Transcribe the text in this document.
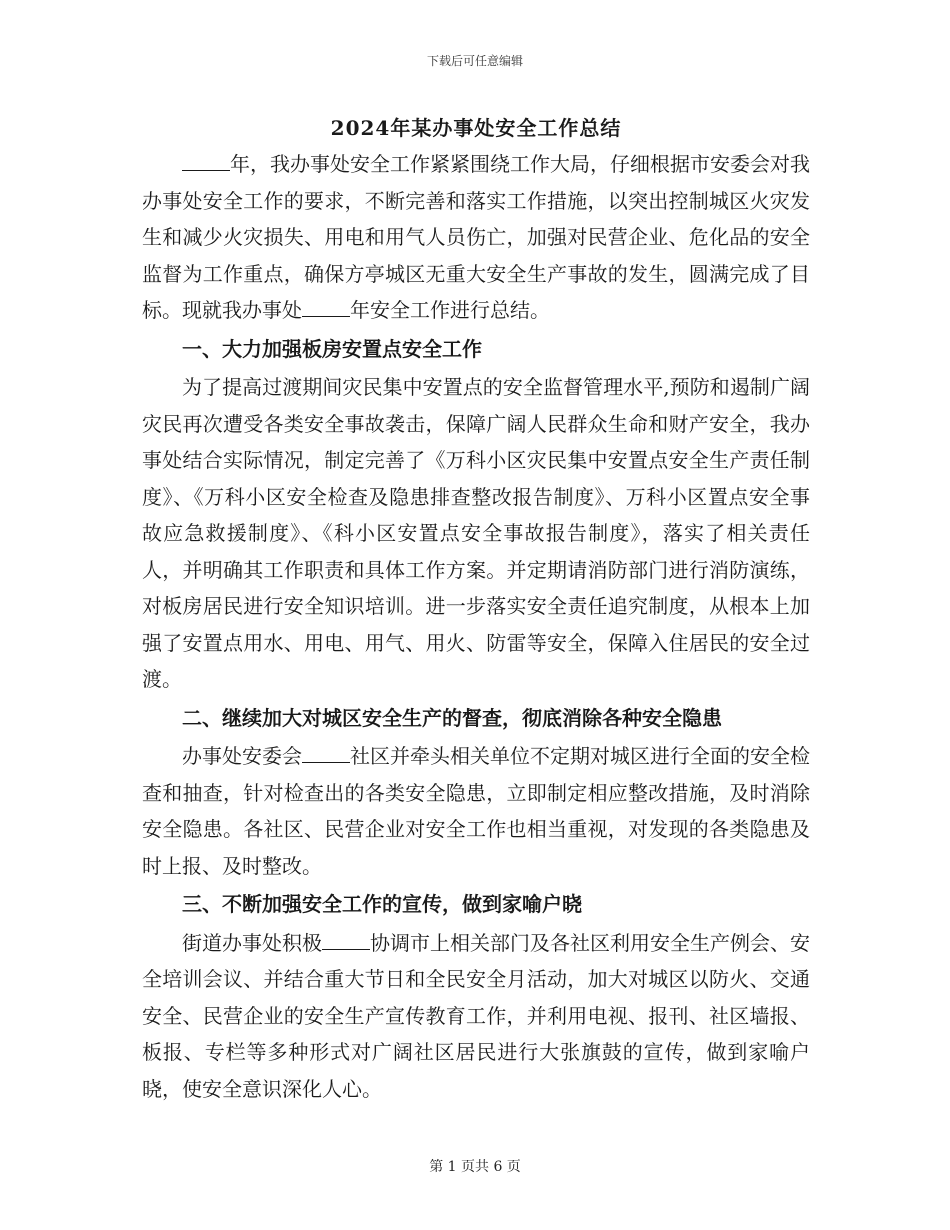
下载后可任意编辑
2024年某办事处安全工作总结

年，我办事处安全工作紧紧围绕工作大局，仔细根据市安委会对我办事处安全工作的要求，不断完善和落实工作措施，以突出控制城区火灾发生和减少火灾损失、用电和用气人员伤亡，加强对民营企业、危化品的安全监督为工作重点，确保方亭城区无重大安全生产事故的发生，圆满完成了目标。现就我办事处 年安全工作进行总结。

一、大力加强板房安置点安全工作

为了提高过渡期间灾民集中安置点的安全监督管理水平,预防和遏制广阔灾民再次遭受各类安全事故袭击，保障广阔人民群众生命和财产安全，我办事处结合实际情况，制定完善了《万科小区灾民集中安置点安全生产责任制度》、《万科小区安全检查及隐患排查整改报告制度》、万科小区置点安全事故应急救援制度》、《科小区安置点安全事故报告制度》，落实了相关责任人，并明确其工作职责和具体工作方案。并定期请消防部门进行消防演练，对板房居民进行安全知识培训。进一步落实安全责任追究制度，从根本上加强了安置点用水、用电、用气、用火、防雷等安全，保障入住居民的安全过渡。

二、继续加大对城区安全生产的督查，彻底消除各种安全隐患

办事处安委会 社区并牵头相关单位不定期对城区进行全面的安全检查和抽查，针对检查出的各类安全隐患，立即制定相应整改措施，及时消除安全隐患。各社区、民营企业对安全工作也相当重视，对发现的各类隐患及时上报、及时整改。

三、不断加强安全工作的宣传，做到家喻户晓

街道办事处积极 协调市上相关部门及各社区利用安全生产例会、安全培训会议、并结合重大节日和全民安全月活动，加大对城区以防火、交通安全、民营企业的安全生产宣传教育工作，并利用电视、报刊、社区墙报、板报、专栏等多种形式对广阔社区居民进行大张旗鼓的宣传，做到家喻户晓，使安全意识深化人心。

第 1 页共 6 页
